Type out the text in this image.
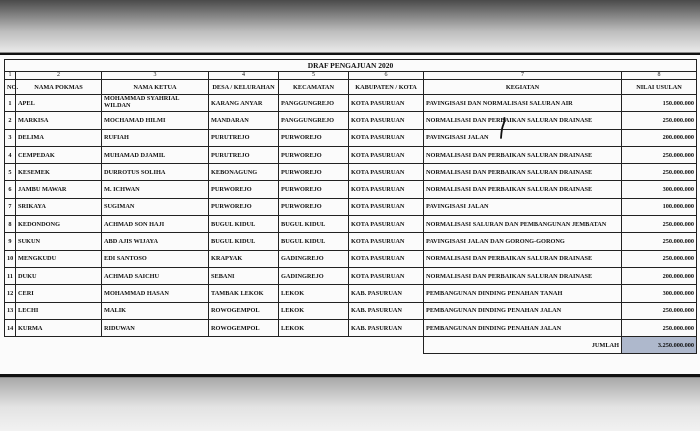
DRAF PENGAJUAN 2020							
1	2	3	4	5	6	7	8
NO.	NAMA POKMAS	NAMA KETUA	DESA / KELURAHAN	KECAMATAN	KABUPATEN / KOTA	KEGIATAN	NILAI USULAN
1	APEL	MOHAMMAD SYAHRIAL WILDAN	KARANG ANYAR	PANGGUNGREJO	KOTA PASURUAN	PAVINGISASI DAN NORMALISASI SALURAN AIR	150.000.000
2	MARKISA	MOCHAMAD HILMI	MANDARAN	PANGGUNGREJO	KOTA PASURUAN	NORMALISASI DAN PERBAIKAN SALURAN DRAINASE	250.000.000
3	DELIMA	RUFIAH	PURUTREJO	PURWOREJO	KOTA PASURUAN	PAVINGISASI JALAN	200.000.000
4	CEMPEDAK	MUHAMAD DJAMIL	PURUTREJO	PURWOREJO	KOTA PASURUAN	NORMALISASI DAN PERBAIKAN SALURAN DRAINASE	250.000.000
5	KESEMEK	DURROTUS SOLIHA	KEBONAGUNG	PURWOREJO	KOTA PASURUAN	NORMALISASI DAN PERBAIKAN SALURAN DRAINASE	250.000.000
6	JAMBU MAWAR	M. ICHWAN	PURWOREJO	PURWOREJO	KOTA PASURUAN	NORMALISASI DAN PERBAIKAN SALURAN DRAINASE	300.000.000
7	SRIKAYA	SUGIMAN	PURWOREJO	PURWOREJO	KOTA PASURUAN	PAVINGISASI JALAN	100.000.000
8	KEDONDONG	ACHMAD SON HAJI	BUGUL KIDUL	BUGUL KIDUL	KOTA PASURUAN	NORMALISASI SALURAN DAN PEMBANGUNAN JEMBATAN	250.000.000
9	SUKUN	ABD AJIS WIJAYA	BUGUL KIDUL	BUGUL KIDUL	KOTA PASURUAN	PAVINGISASI JALAN DAN GORONG-GORONG	250.000.000
10	MENGKUDU	EDI SANTOSO	KRAPYAK	GADINGREJO	KOTA PASURUAN	NORMALISASI DAN PERBAIKAN SALURAN DRAINASE	250.000.000
11	DUKU	ACHMAD SAICHU	SEBANI	GADINGREJO	KOTA PASURUAN	NORMALISASI DAN PERBAIKAN SALURAN DRAINASE	200.000.000
12	CERI	MOHAMMAD HASAN	TAMBAK LEKOK	LEKOK	KAB. PASURUAN	PEMBANGUNAN DINDING PENAHAN TANAH	300.000.000
13	LECHI	MALIK	ROWOGEMPOL	LEKOK	KAB. PASURUAN	PEMBANGUNAN DINDING PENAHAN JALAN	250.000.000
14	KURMA	RIDUWAN	ROWOGEMPOL	LEKOK	KAB. PASURUAN	PEMBANGUNAN DINDING PENAHAN JALAN	250.000.000
						JUMLAH	3.250.000.000
